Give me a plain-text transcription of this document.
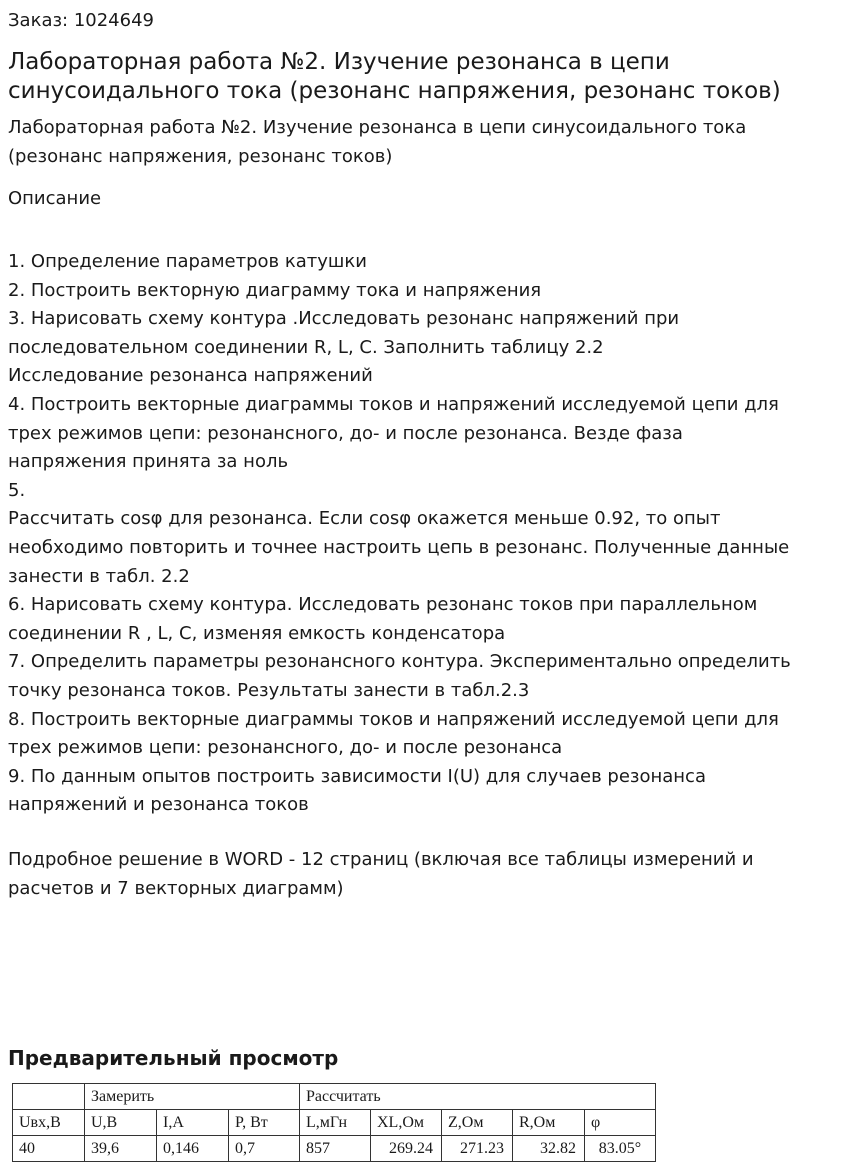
Заказ: 1024649
Лабораторная работа №2. Изучение резонанса в цепи синусоидального тока (резонанс напряжения, резонанс токов)
Лабораторная работа №2. Изучение резонанса в цепи синусоидального тока (резонанс напряжения, резонанс токов)
Описание
1. Определение параметров катушки
2. Построить векторную диаграмму тока и напряжения
3. Нарисовать схему контура .Исследовать резонанс напряжений при
последовательном соединении R, L, C. Заполнить таблицу 2.2
Исследование резонанса напряжений
4. Построить векторные диаграммы токов и напряжений исследуемой цепи для
трех режимов цепи: резонансного, до- и после резонанса. Везде фаза
напряжения принята за ноль
5.
Рассчитать cosφ для резонанса. Если cosφ окажется меньше 0.92, то опыт
необходимо повторить и точнее настроить цепь в резонанс. Полученные данные
занести в табл. 2.2
6. Нарисовать схему контура. Исследовать резонанс токов при параллельном
соединении R , L, C, изменяя емкость конденсатора
7. Определить параметры резонансного контура. Экспериментально определить
точку резонанса токов. Результаты занести в табл.2.3
8. Построить векторные диаграммы токов и напряжений исследуемой цепи для
трех режимов цепи: резонансного, до- и после резонанса
9. По данным опытов построить зависимости I(U) для случаев резонанса
напряжений и резонанса токов
Подробное решение в WORD - 12 страниц (включая все таблицы измерений и расчетов и 7 векторных диаграмм)
Предварительный просмотр
	Замерить			Рассчитать				
Uвх,В	U,В	I,А	P, Вт	L,мГн	XL,Ом	Z,Ом	R,Ом	φ
40	39,6	0,146	0,7	857	269.24	271.23	32.82	83.05°
